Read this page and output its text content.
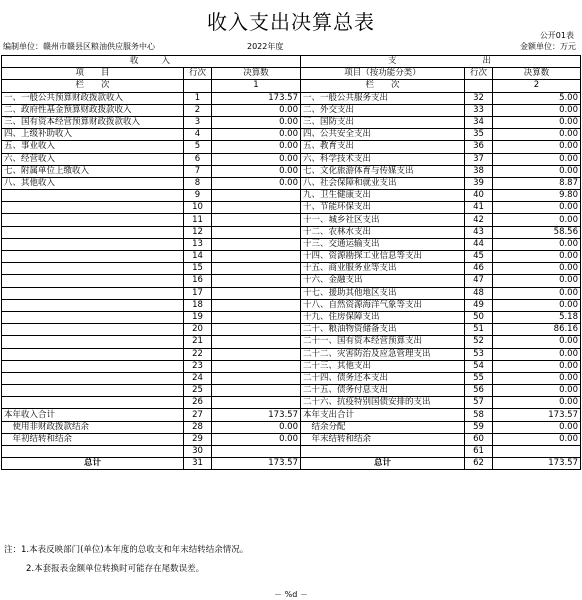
收入支出决算总表
公开01表
编制单位：赣州市赣县区粮油供应服务中心	2022年度	金额单位：万元
收　　入			支　　　　　　　　出		
项　　目	行次	决算数	项目（按功能分类）	行次	决算数
栏　　次		1	栏　　次		2
一、一般公共预算财政拨款收入	1	173.57	一、一般公共服务支出	32	5.00
二、政府性基金预算财政拨款收入	2	0.00	二、外交支出	33	0.00
三、国有资本经营预算财政拨款收入	3	0.00	三、国防支出	34	0.00
四、上级补助收入	4	0.00	四、公共安全支出	35	0.00
五、事业收入	5	0.00	五、教育支出	36	0.00
六、经营收入	6	0.00	六、科学技术支出	37	0.00
七、附属单位上缴收入	7	0.00	七、文化旅游体育与传媒支出	38	0.00
八、其他收入	8	0.00	八、社会保障和就业支出	39	8.87
	9		九、卫生健康支出	40	9.80
	10		十、节能环保支出	41	0.00
	11		十一、城乡社区支出	42	0.00
	12		十二、农林水支出	43	58.56
	13		十三、交通运输支出	44	0.00
	14		十四、资源勘探工业信息等支出	45	0.00
	15		十五、商业服务业等支出	46	0.00
	16		十六、金融支出	47	0.00
	17		十七、援助其他地区支出	48	0.00
	18		十八、自然资源海洋气象等支出	49	0.00
	19		十九、住房保障支出	50	5.18
	20		二十、粮油物资储备支出	51	86.16
	21		二十一、国有资本经营预算支出	52	0.00
	22		二十二、灾害防治及应急管理支出	53	0.00
	23		二十三、其他支出	54	0.00
	24		二十四、债务还本支出	55	0.00
	25		二十五、债务付息支出	56	0.00
	26		二十六、抗疫特别国债安排的支出	57	0.00
本年收入合计	27	173.57	本年支出合计	58	173.57
　使用非财政拨款结余	28	0.00	　结余分配	59	0.00
　年初结转和结余	29	0.00	　年末结转和结余	60	0.00
	30			61	
总计	31	173.57	总计	62	173.57
注：1.本表反映部门(单位)本年度的总收支和年末结转结余情况。
2.本套报表金额单位转换时可能存在尾数误差。
－ %d －
